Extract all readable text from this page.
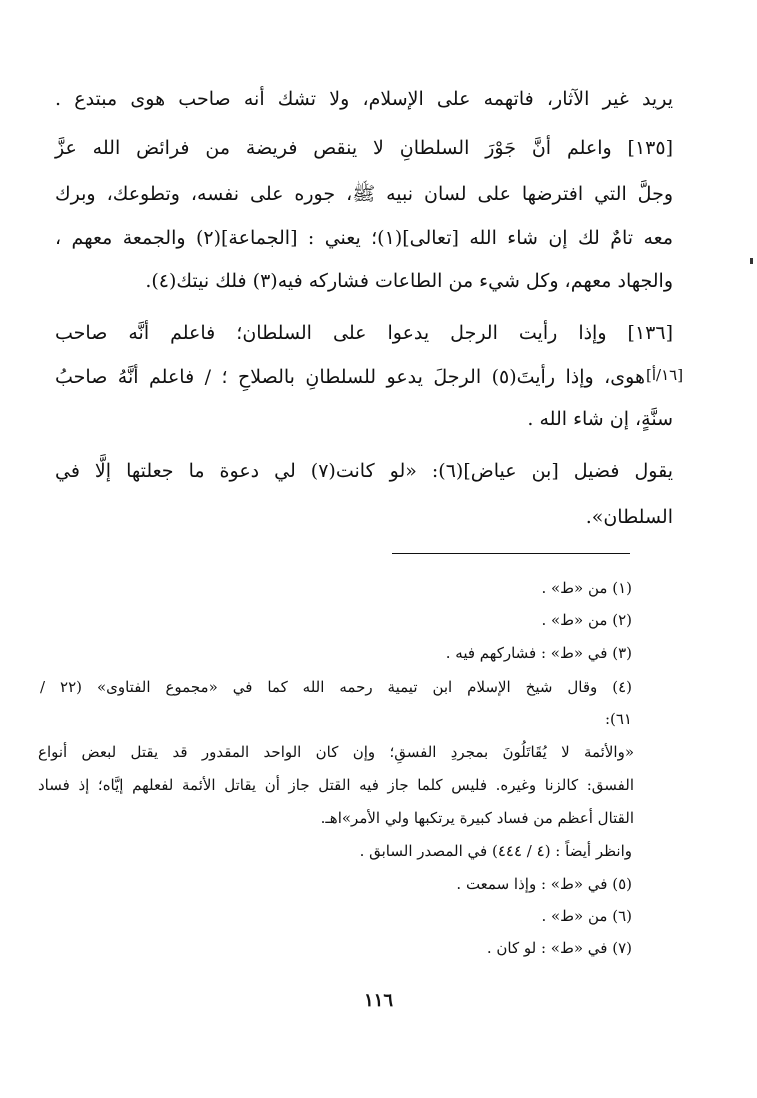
يريد غير الآثار، فاتهمه على الإسلام، ولا تشك أنه صاحب هوى مبتدع .
[١٣٥] واعلم أنَّ جَوْرَ السلطانِ لا ينقص فريضة من فرائض الله عزَّ
وجلَّ التي افترضها على لسان نبيه ﷺ، جوره على نفسه، وتطوعك، وبرك
معه تامٌ لك إن شاء الله [تعالى](١)؛ يعني : [الجماعة](٢) والجمعة معهم ،
والجهاد معهم، وكل شيء من الطاعات فشاركه فيه(٣) فلك نيتك(٤).
[١٣٦] وإذا رأيت الرجل يدعوا على السلطان؛ فاعلم أنَّه صاحب
هوى، وإذا رأيتَ(٥) الرجلَ يدعو للسلطانِ بالصلاحِ ؛ / فاعلم أنَّهُ صاحبُ
سنَّةٍ، إن شاء الله .
[١٦/أ]
يقول فضيل [بن عياض](٦): «لو كانت(٧) لي دعوة ما جعلتها إلَّا في
السلطان».
(١) من «ط» .
(٢) من «ط» .
(٣) في «ط» : فشاركهم فيه .
(٤) وقال شيخ الإسلام ابن تيمية رحمه الله كما في «مجموع الفتاوى» (٢٢ /
٦١):
«والأئمة لا يُقَاتَلُونَ بمجردِ الفسقِ؛ وإن كان الواحد المقدور قد يقتل لبعض أنواع
الفسق: كالزنا وغيره. فليس كلما جاز فيه القتل جاز أن يقاتل الأئمة لفعلهم إيَّاه؛ إذ فساد
القتال أعظم من فساد كبيرة يرتكبها ولي الأمر»اهـ.
وانظر أيضاً : (٤ / ٤٤٤) في المصدر السابق .
(٥) في «ط» : وإذا سمعت .
(٦) من «ط» .
(٧) في «ط» : لو كان .
١١٦
